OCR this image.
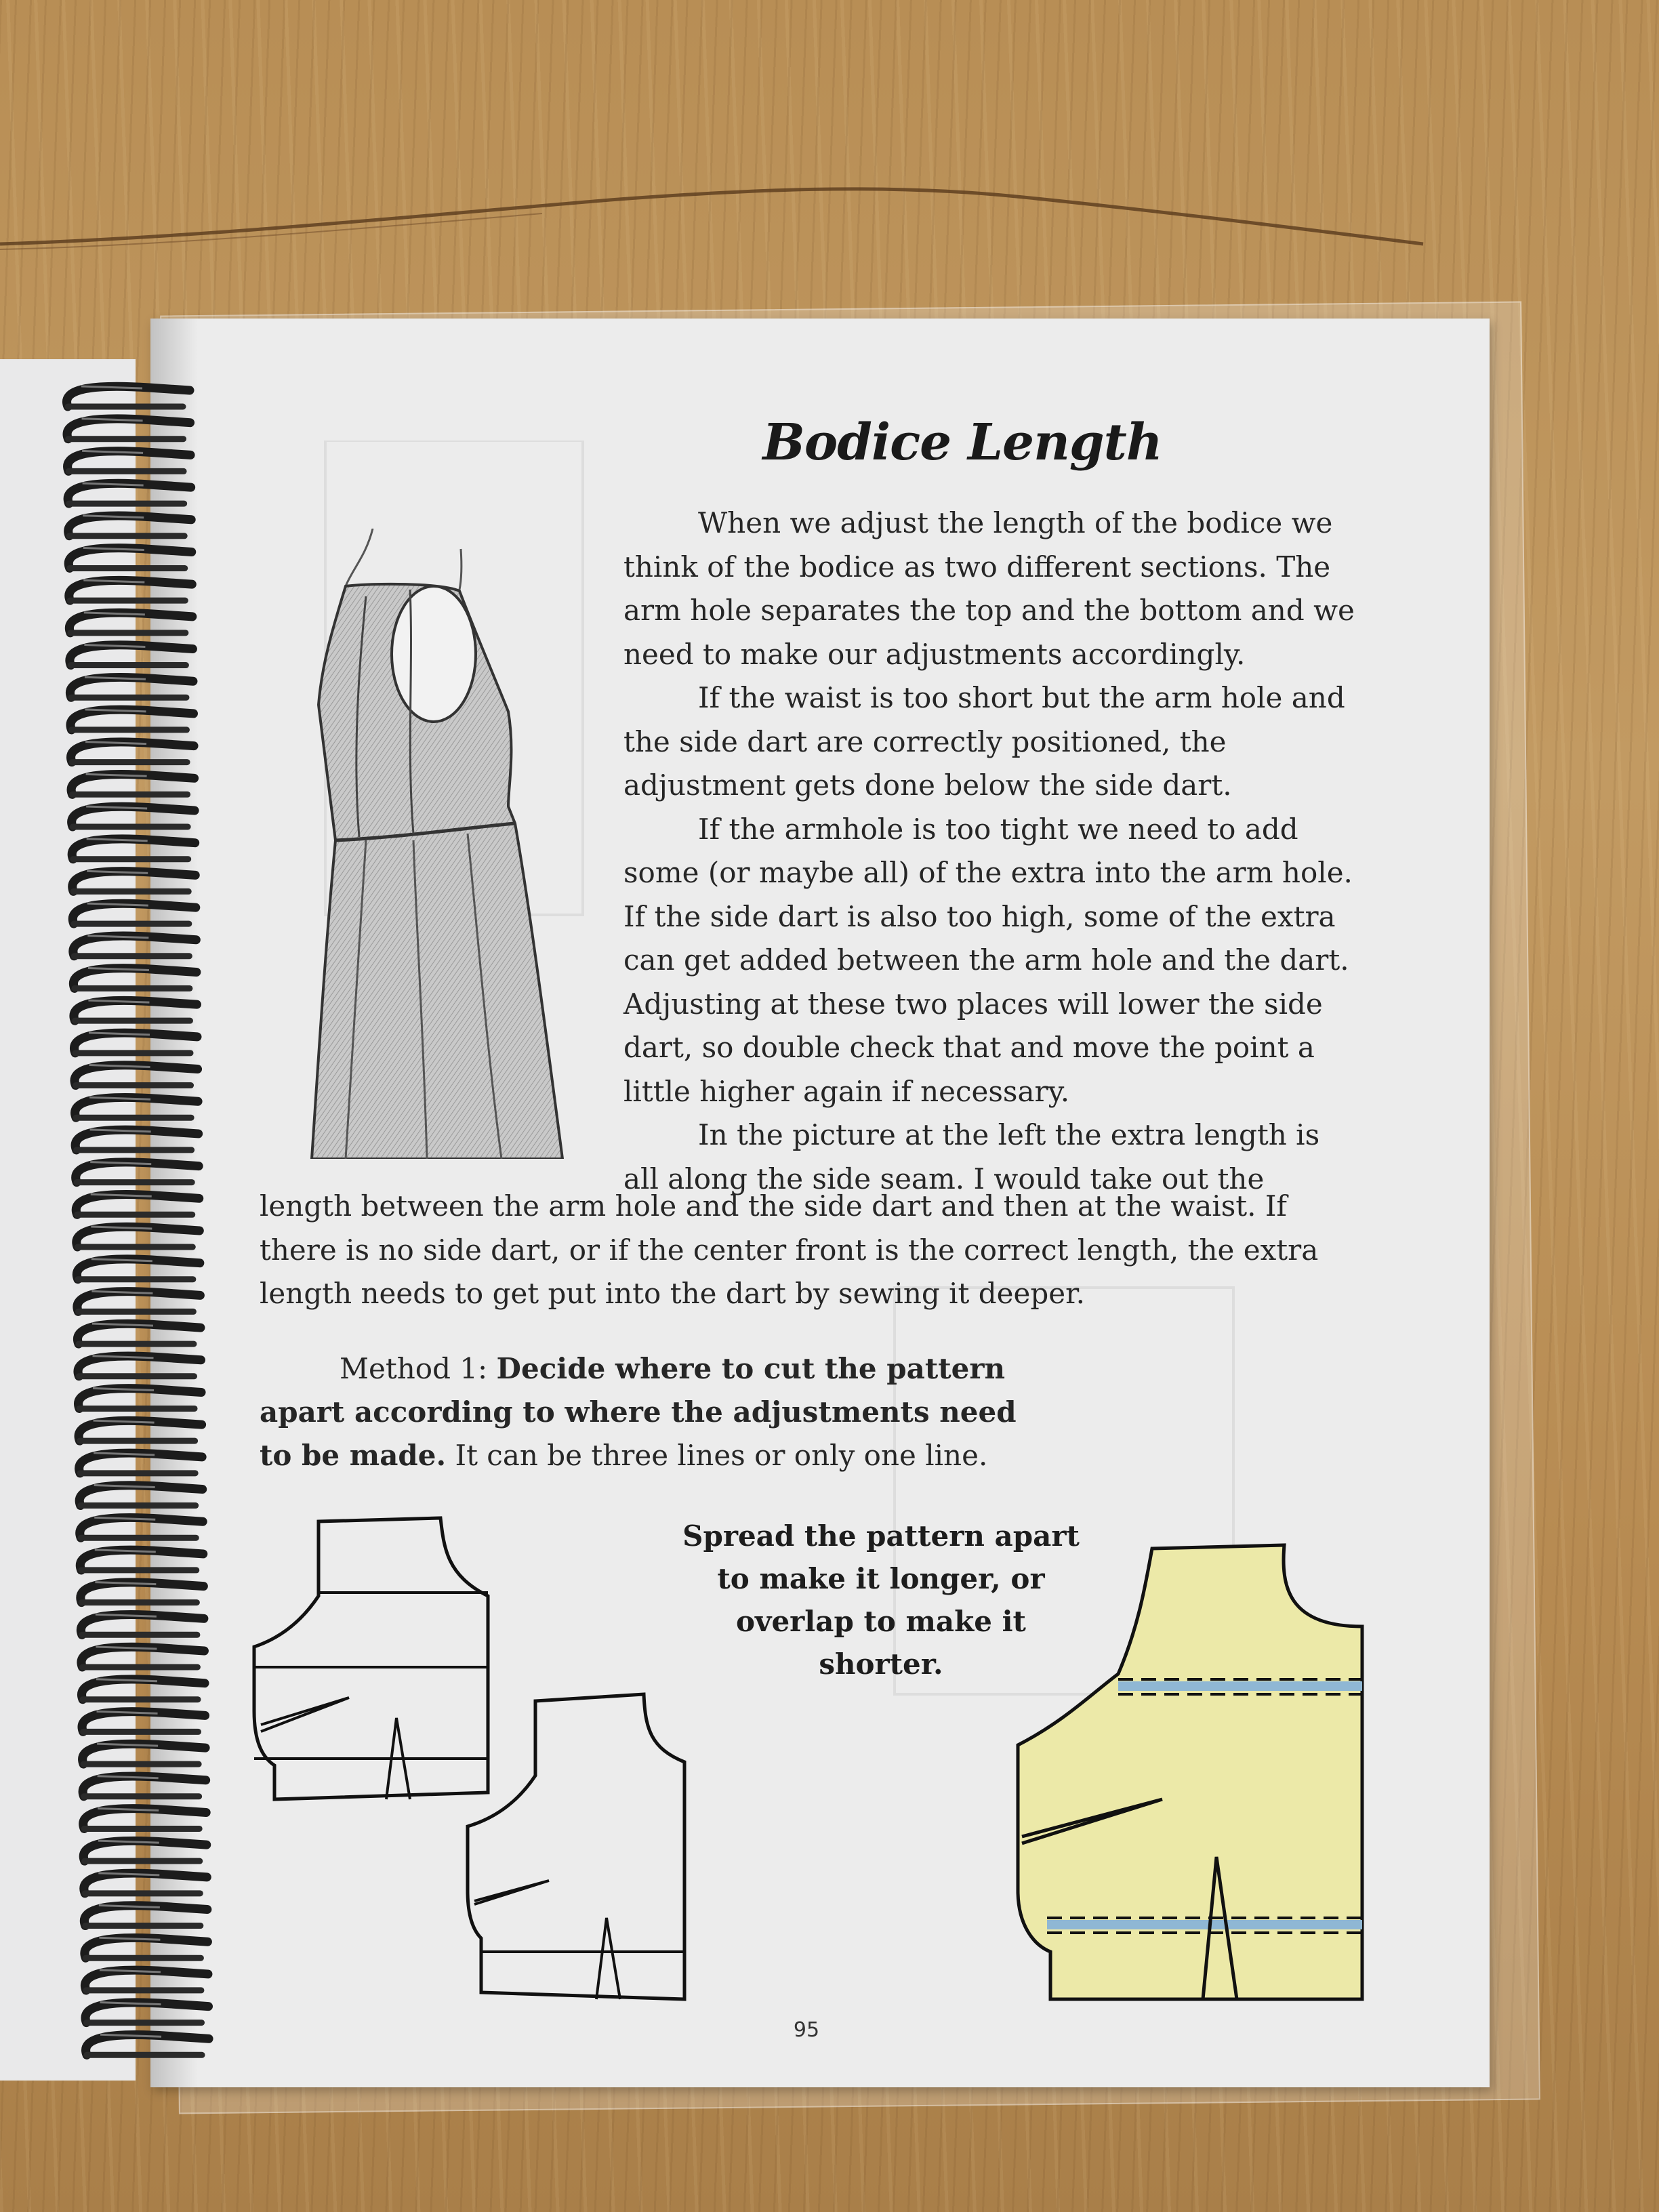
Bodice Length

When we adjust the length of the bodice we think of the bodice as two different sections. The arm hole separates the top and the bottom and we need to make our adjustments accordingly.

If the waist is too short but the arm hole and the side dart are correctly positioned, the adjustment gets done below the side dart.

If the armhole is too tight we need to add some (or maybe all) of the extra into the arm hole. If the side dart is also too high, some of the extra can get added between the arm hole and the dart. Adjusting at these two places will lower the side dart, so double check that and move the point a little higher again if necessary.

In the picture at the left the extra length is

all along the side seam. I would take out the

length between the arm hole and the side dart and then at the waist. If there is no side dart, or if the center front is the correct length, the extra length needs to get put into the dart by sewing it deeper.

Method 1: Decide where to cut the pattern apart according to where the adjustments need to be made. It can be three lines or only one line.
Spread the pattern apart to make it longer, or overlap to make it shorter.
95
